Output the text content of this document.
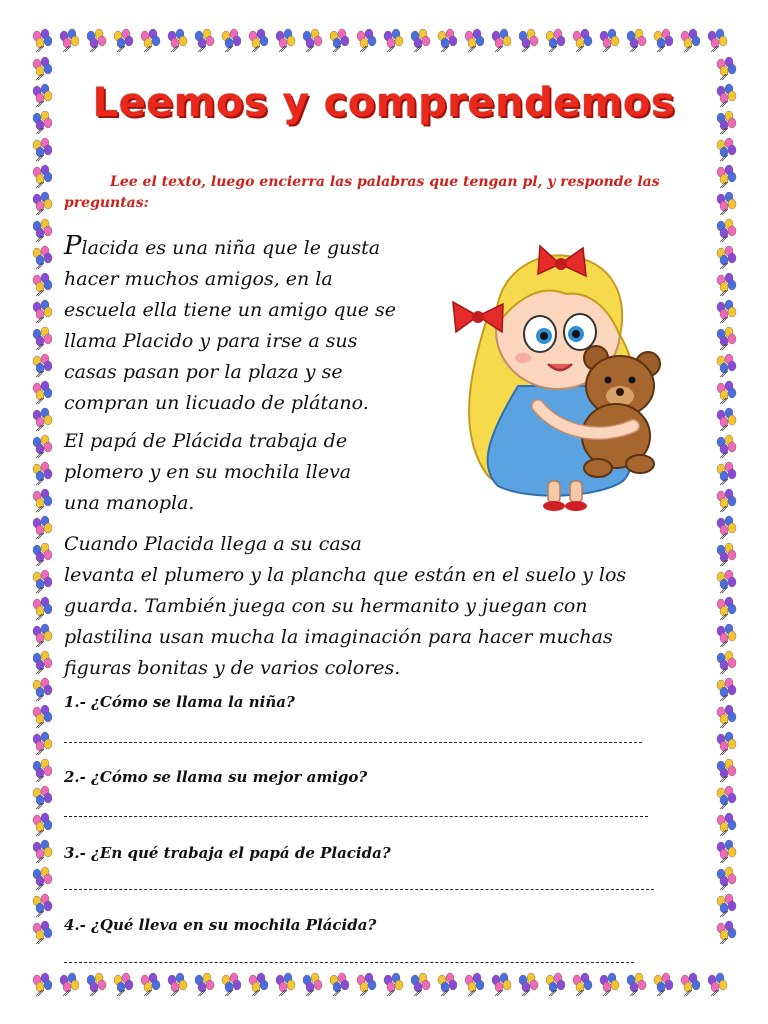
Leemos y comprendemos

Lee el texto, luego encierra las palabras que tengan pl, y responde las preguntas:

Placida es una niña que le gusta
hacer muchos amigos, en la
escuela ella tiene un amigo que se
llama Placido y para irse a sus
casas pasan por la plaza y se
compran un licuado de plátano.

El papá de Plácida trabaja de
plomero y en su mochila lleva
una manopla.

Cuando Placida llega a su casa
levanta el plumero y la plancha que están en el suelo y los
guarda. También juega con su hermanito y juegan con
plastilina usan mucha la imaginación para hacer muchas
figuras bonitas y de varios colores.

1.- ¿Cómo se llama la niña?

2.- ¿Cómo se llama su mejor amigo?

3.- ¿En qué trabaja el papá de Placida?

4.- ¿Qué lleva en su mochila Plácida?
